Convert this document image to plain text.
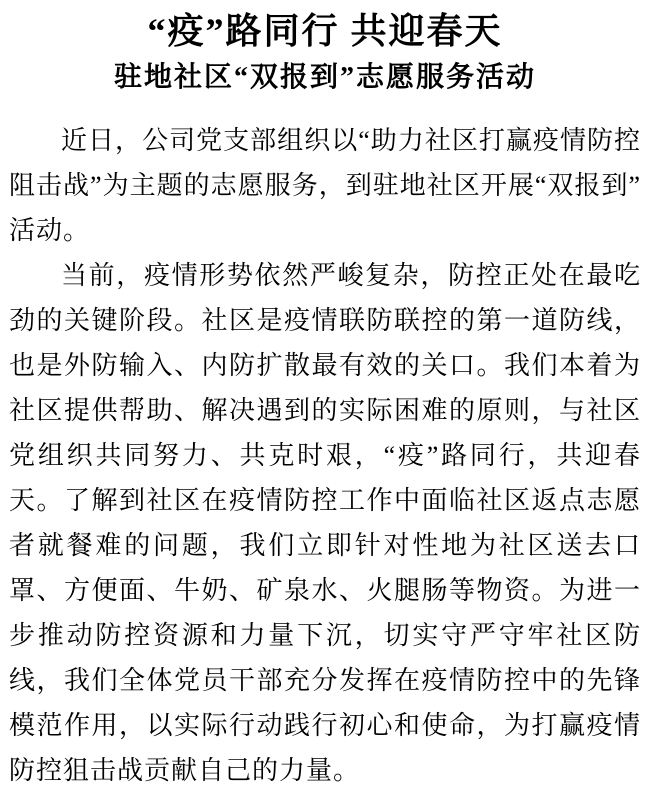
“疫”路同行 共迎春天
驻地社区“双报到”志愿服务活动

近日，公司党支部组织以“助力社区打赢疫情防控阻击战”为主题的志愿服务，到驻地社区开展“双报到”活动。

当前，疫情形势依然严峻复杂，防控正处在最吃劲的关键阶段。社区是疫情联防联控的第一道防线，也是外防输入、内防扩散最有效的关口。我们本着为社区提供帮助、解决遇到的实际困难的原则，与社区党组织共同努力、共克时艰，“疫”路同行，共迎春天。了解到社区在疫情防控工作中面临社区返点志愿者就餐难的问题，我们立即针对性地为社区送去口罩、方便面、牛奶、矿泉水、火腿肠等物资。为进一步推动防控资源和力量下沉，切实守严守牢社区防线，我们全体党员干部充分发挥在疫情防控中的先锋模范作用，以实际行动践行初心和使命，为打赢疫情防控狙击战贡献自己的力量。
